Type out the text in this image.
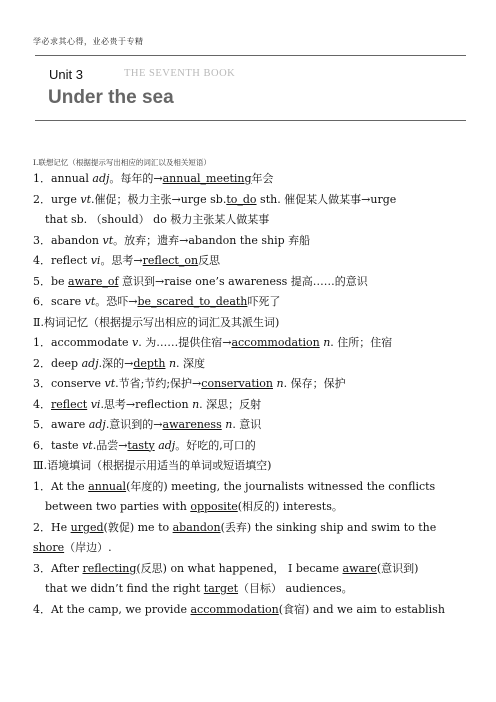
学必求其心得，业必贵于专精
Unit 3	THE SEVENTH BOOK
Under the sea
Ⅰ.联想记忆（根据提示写出相应的词汇以及相关短语）
1．annual adj。每年的→annual_meeting年会
2．urge vt.催促；极力主张→urge sb.to_do sth. 催促某人做某事→urge
that sb. （should） do 极力主张某人做某事
3．abandon vt。放弃；遗弃→abandon the ship 弃船
4．reflect vi。思考→reflect_on反思
5．be aware_of 意识到→raise one’s awareness 提高……的意识
6．scare vt。恐吓→be_scared_to_death吓死了
Ⅱ.构词记忆（根据提示写出相应的词汇及其派生词)
1．accommodate v. 为……提供住宿→accommodation n. 住所；住宿
2．deep adj.深的→depth n. 深度
3．conserve vt.节省;节约;保护→conservation n. 保存；保护
4．reflect vi.思考→reflection n. 深思；反射
5．aware adj.意识到的→awareness n. 意识
6．taste vt.品尝→tasty adj。好吃的,可口的
Ⅲ.语境填词（根据提示用适当的单词或短语填空)
1．At the annual(年度的) meeting, the journalists witnessed the conflicts
between two parties with opposite(相反的) interests。
2．He urged(敦促) me to abandon(丢弃) the sinking ship and swim to the
shore（岸边）.
3．After reflecting(反思) on what happened， I became aware(意识到)
that we didn’t find the right target（目标） audiences。
4．At the camp, we provide accommodation(食宿) and we aim to establish
